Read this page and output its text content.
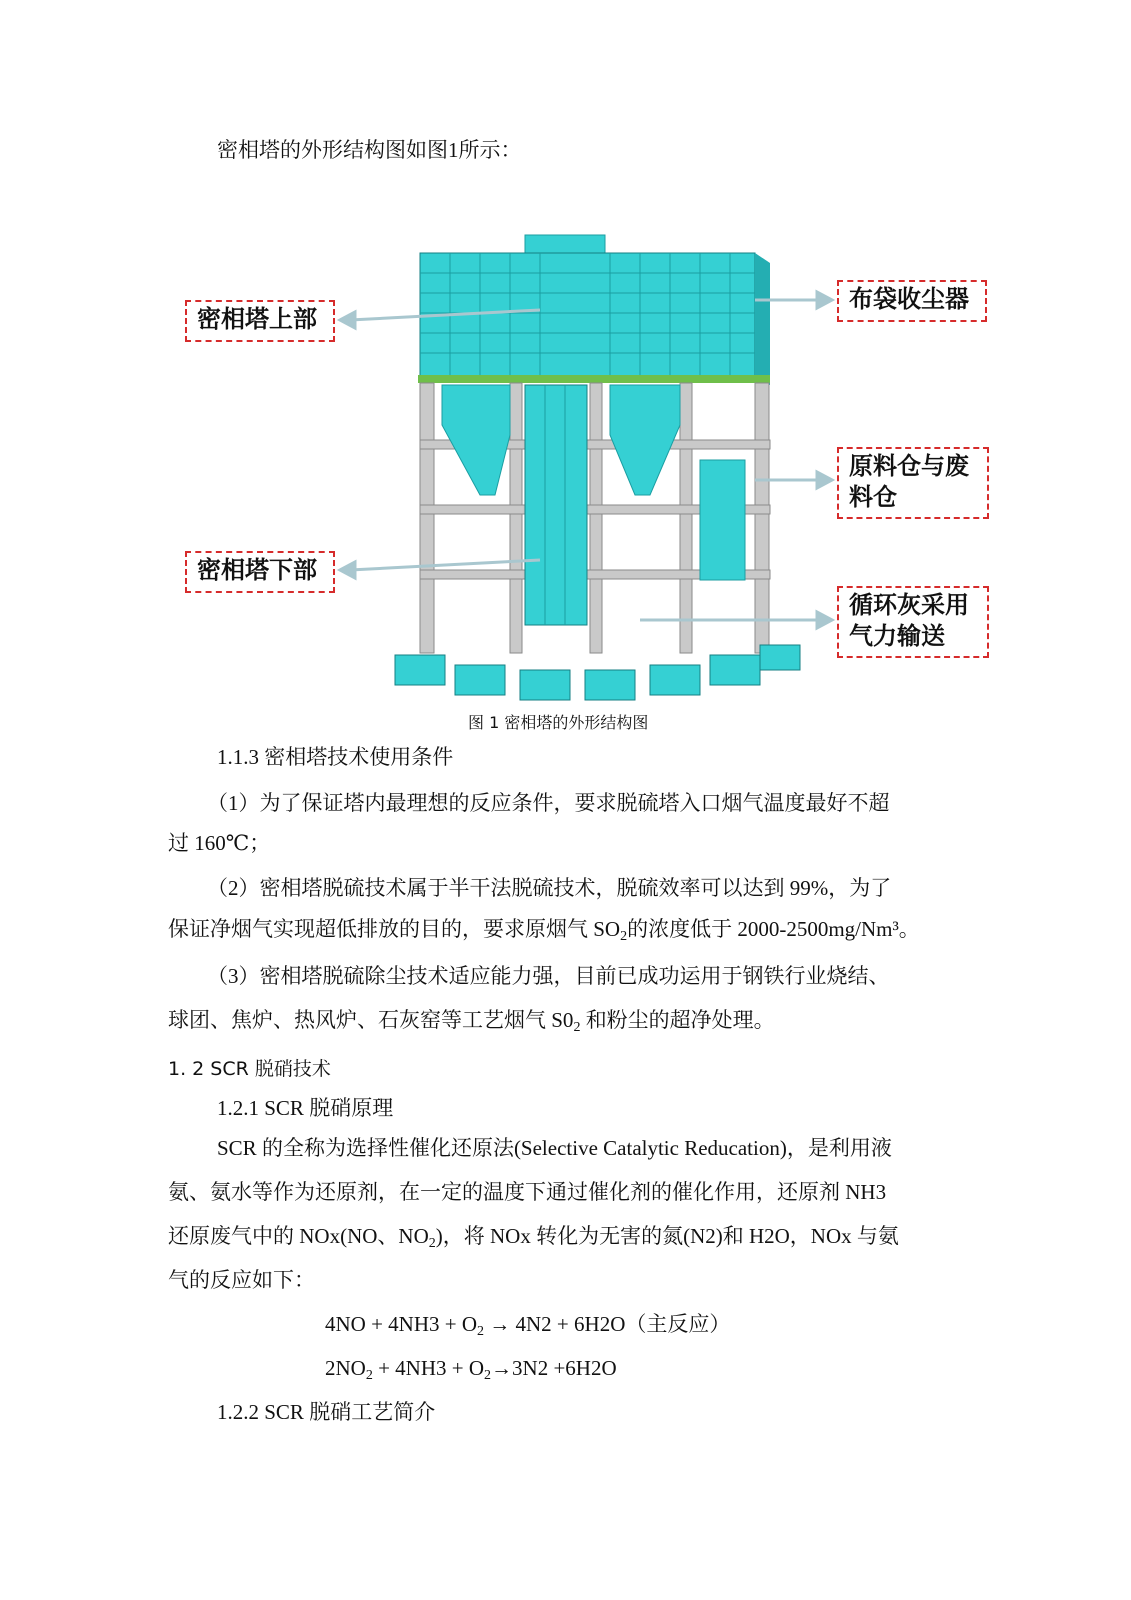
密相塔的外形结构图如图1所示：
密相塔上部
布袋收尘器
原料仓与废
料仓
密相塔下部
循环灰采用
气力输送
图 1 密相塔的外形结构图
1.1.3 密相塔技术使用条件
（1）为了保证塔内最理想的反应条件，要求脱硫塔入口烟气温度最好不超
过 160℃；
（2）密相塔脱硫技术属于半干法脱硫技术，脱硫效率可以达到 99%，为了
保证净烟气实现超低排放的目的，要求原烟气 $SO_2$的浓度低于 2000-2500mg/Nm³。
（3）密相塔脱硫除尘技术适应能力强，目前已成功运用于钢铁行业烧结、
球团、焦炉、热风炉、石灰窑等工艺烟气 $S0_2$ 和粉尘的超净处理。
1. 2 SCR 脱硝技术
1.2.1 SCR 脱硝原理
SCR 的全称为选择性催化还原法(Selective Catalytic Reducation)，是利用液
氨、氨水等作为还原剂，在一定的温度下通过催化剂的催化作用，还原剂 NH3
还原废气中的 NOx(NO、$NO_2$)，将 NOx 转化为无害的氮(N2)和 H2O，NOx 与氨
气的反应如下：
$4NO + 4NH3 + O_2 \to 4N2 + 6H2O$（主反应）
$2NO_2 + 4NH3 + O_2\to 3N2 +6H2O$
1.2.2 SCR 脱硝工艺简介
